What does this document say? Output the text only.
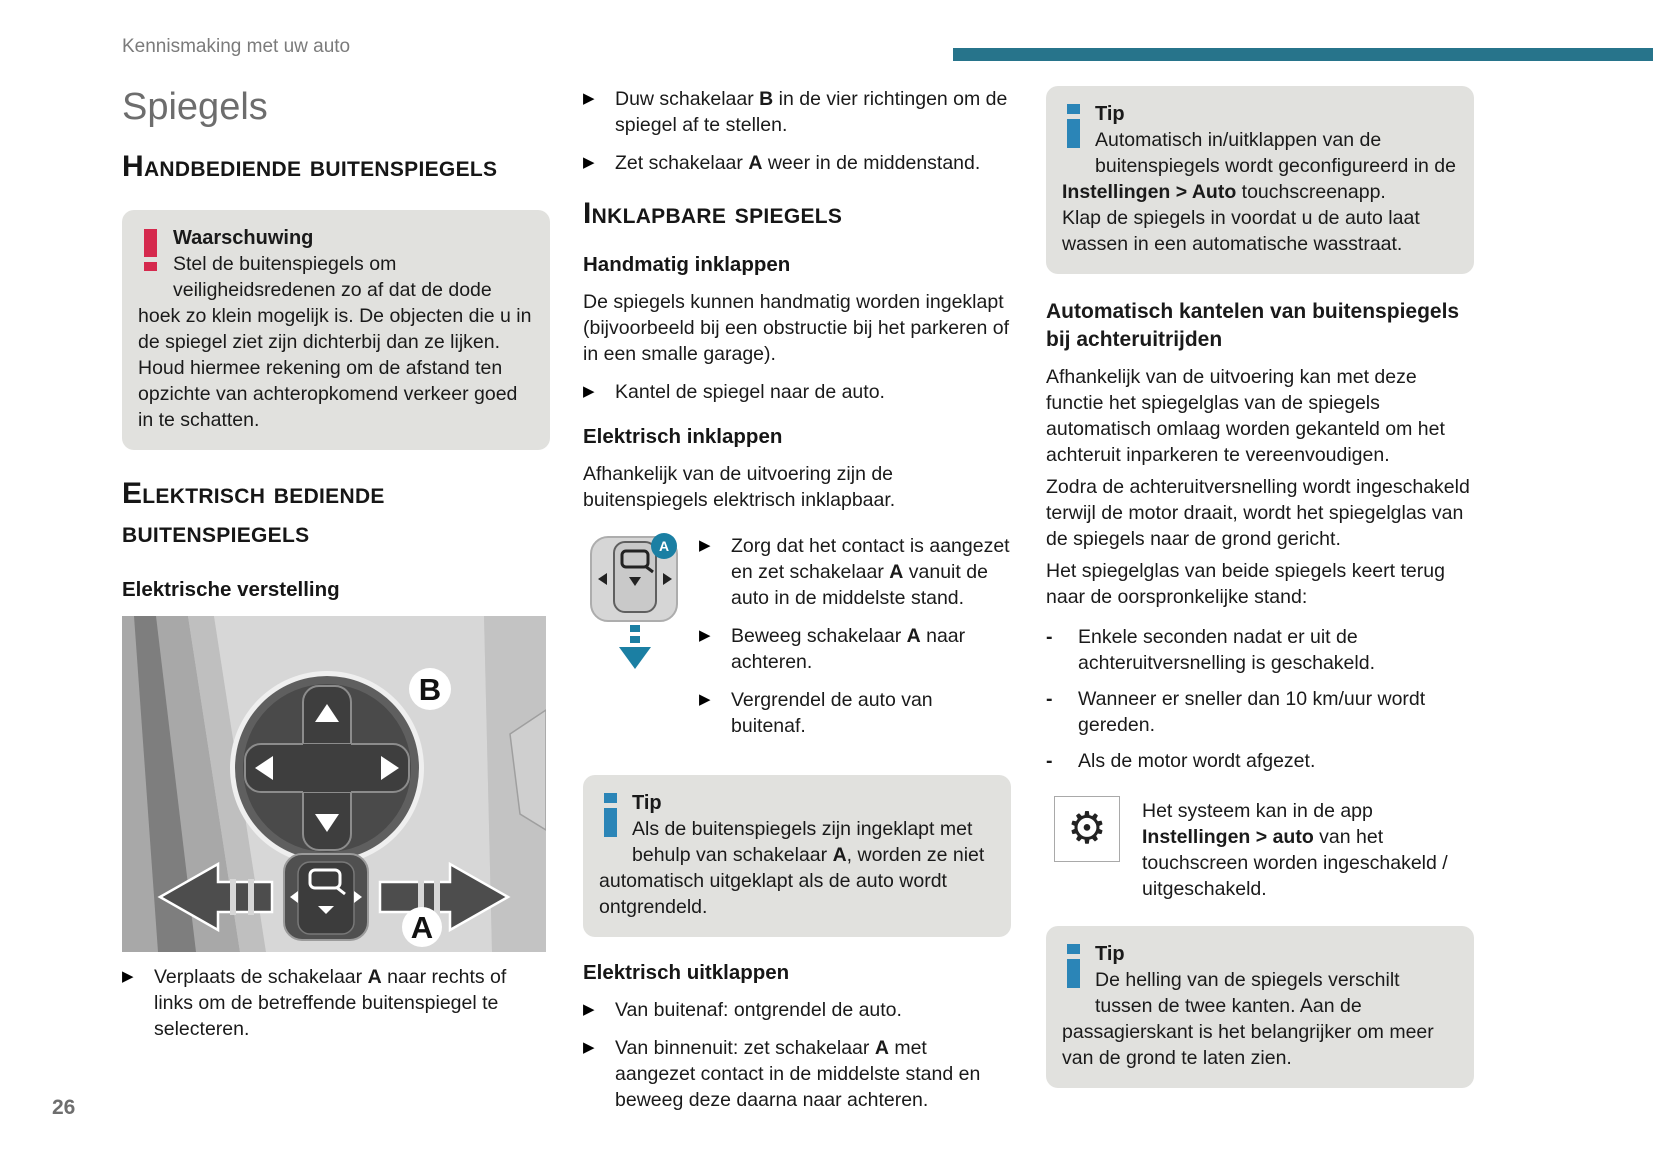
Kennismaking met uw auto
26
Spiegels
Handbediende buitenspiegels
Waarschuwing
Stel de buitenspiegels om veiligheidsredenen zo af dat de dode hoek zo klein mogelijk is. De objecten die u in de spiegel ziet zijn dichterbij dan ze lijken. Houd hiermee rekening om de afstand ten opzichte van achteropkomend verkeer goed in te schatten.
Elektrisch bediende buitenspiegels
Elektrische verstelling
B
A
▶	Verplaats de schakelaar A naar rechts of links om de betreffende buitenspiegel te selecteren.
▶	Duw schakelaar B in de vier richtingen om de spiegel af te stellen.
▶	Zet schakelaar A weer in de middenstand.
Inklapbare spiegels
Handmatig inklappen

De spiegels kunnen handmatig worden ingeklapt (bijvoorbeeld bij een obstructie bij het parkeren of in een smalle garage).

▶	Kantel de spiegel naar de auto.
Elektrisch inklappen

Afhankelijk van de uitvoering zijn de buitenspiegels elektrisch inklapbaar.

A ▶	Zorg dat het contact is aangezet en zet schakelaar A vanuit de auto in de middelste stand.
▶	Beweeg schakelaar A naar achteren.
▶	Vergrendel de auto van buitenaf.
Tip
Als de buitenspiegels zijn ingeklapt met behulp van schakelaar A, worden ze niet automatisch uitgeklapt als de auto wordt ontgrendeld.
Elektrisch uitklappen
▶	Van buitenaf: ontgrendel de auto.
▶	Van binnenuit: zet schakelaar A met aangezet contact in de middelste stand en beweeg deze daarna naar achteren.
Tip
Automatisch in/uitklappen van de buitenspiegels wordt geconfigureerd in de Instellingen > Auto touchscreenapp.
Klap de spiegels in voordat u de auto laat wassen in een automatische wasstraat.
Automatisch kantelen van buitenspiegels bij achteruitrijden

Afhankelijk van de uitvoering kan met deze functie het spiegelglas van de spiegels automatisch omlaag worden gekanteld om het achteruit inparkeren te vereenvoudigen.

Zodra de achteruitversnelling wordt ingeschakeld terwijl de motor draait, wordt het spiegelglas van de spiegels naar de grond gericht.

Het spiegelglas van beide spiegels keert terug naar de oorspronkelijke stand:

-	Enkele seconden nadat er uit de achteruitversnelling is geschakeld.
-	Wanneer er sneller dan 10 km/uur wordt gereden.
-	Als de motor wordt afgezet.
⚙ Het systeem kan in de app Instellingen > auto van het touchscreen worden ingeschakeld / uitgeschakeld.
Tip
De helling van de spiegels verschilt tussen de twee kanten. Aan de passagierskant is het belangrijker om meer van de grond te laten zien.
